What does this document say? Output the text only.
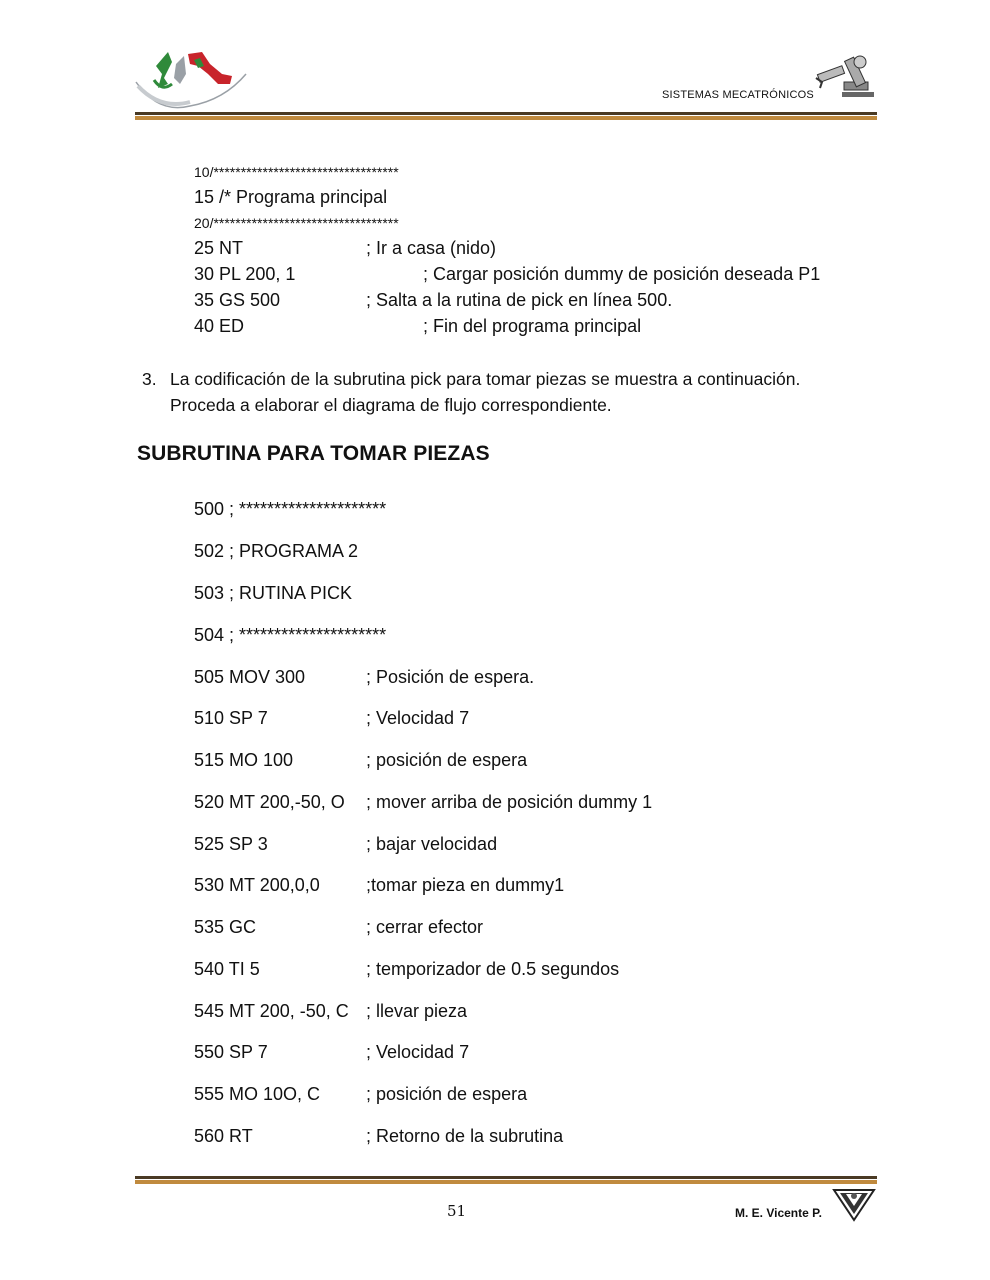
SISTEMAS MECATRÓNICOS
10/**********************************
15 /* Programa principal
20/**********************************
25 NT	; Ir a casa (nido)
30 PL 200, 1	; Cargar posición dummy de posición deseada P1
35 GS 500	; Salta a la rutina de pick en línea 500.
40 ED	; Fin del programa principal
3. La codificación de la subrutina pick para tomar piezas se muestra a continuación.
Proceda a elaborar el diagrama de flujo correspondiente.
SUBRUTINA PARA TOMAR PIEZAS
500 ; *********************
502 ; PROGRAMA 2
503 ; RUTINA PICK
504 ; *********************
505 MOV 300	; Posición de espera.
510 SP 7	; Velocidad 7
515 MO 100	; posición de espera
520 MT 200,-50, O ; mover arriba de posición dummy 1
525 SP 3	; bajar velocidad
530 MT 200,0,0	;tomar pieza en dummy1
535 GC	; cerrar efector
540 TI 5	; temporizador de 0.5 segundos
545 MT 200, -50, C ; llevar pieza
550 SP 7	; Velocidad 7
555 MO 10O, C	; posición de espera
560 RT	; Retorno de la subrutina
51	M. E. Vicente P.
